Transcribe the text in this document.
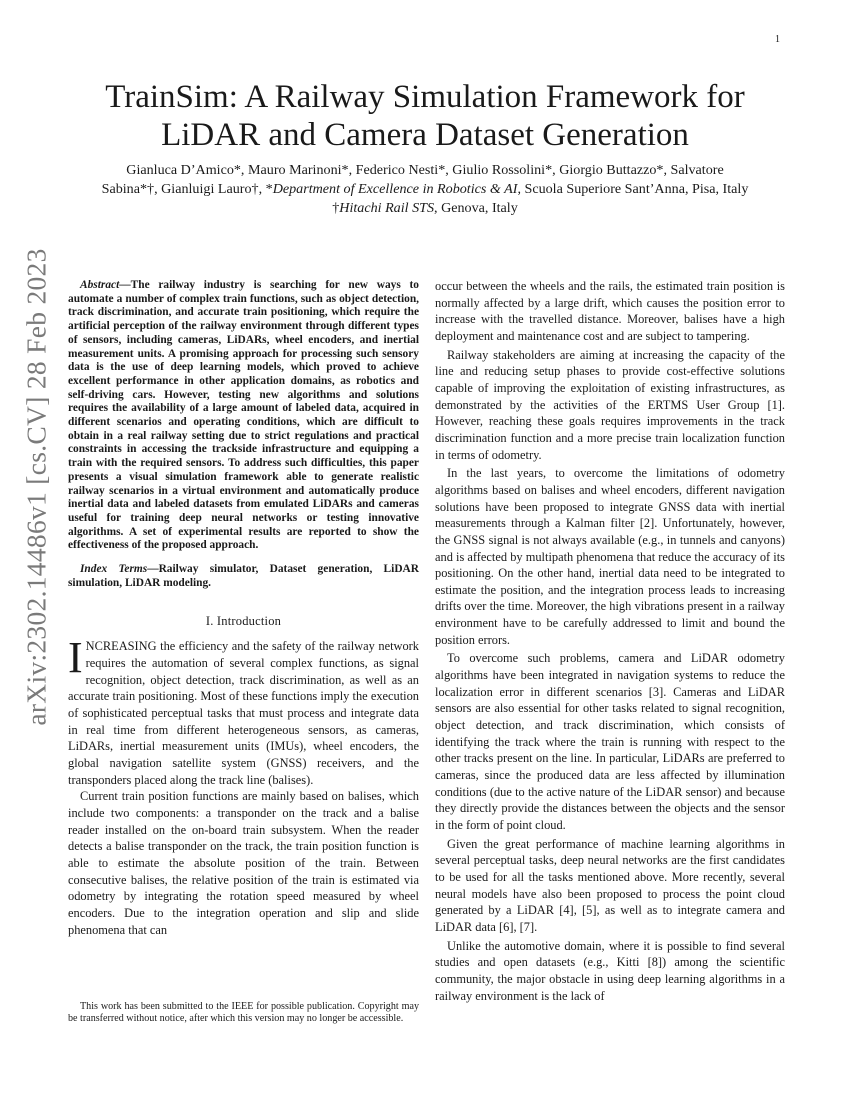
1
arXiv:2302.14486v1 [cs.CV] 28 Feb 2023
TrainSim: A Railway Simulation Framework for
LiDAR and Camera Dataset Generation
Gianluca D’Amico*, Mauro Marinoni*, Federico Nesti*, Giulio Rossolini*, Giorgio Buttazzo*, Salvatore
Sabina*†, Gianluigi Lauro†, *Department of Excellence in Robotics & AI, Scuola Superiore Sant’Anna, Pisa, Italy
†Hitachi Rail STS, Genova, Italy

Abstract—The railway industry is searching for new ways to automate a number of complex train functions, such as object detection, track discrimination, and accurate train positioning, which require the artificial perception of the railway environment through different types of sensors, including cameras, LiDARs, wheel encoders, and inertial measurement units. A promising approach for processing such sensory data is the use of deep learning models, which proved to achieve excellent performance in other application domains, as robotics and self-driving cars. However, testing new algorithms and solutions requires the availability of a large amount of labeled data, acquired in different scenarios and operating conditions, which are difficult to obtain in a real railway setting due to strict regulations and practical constraints in accessing the trackside infrastructure and equipping a train with the required sensors. To address such difficulties, this paper presents a visual simulation framework able to generate realistic railway scenarios in a virtual environment and automatically produce inertial data and labeled datasets from emulated LiDARs and cameras useful for training deep neural networks or testing innovative algorithms. A set of experimental results are reported to show the effectiveness of the proposed approach.

Index Terms—Railway simulator, Dataset generation, LiDAR simulation, LiDAR modeling.

I. Introduction

INCREASING the efficiency and the safety of the railway network requires the automation of several complex functions, as signal recognition, object detection, track discrimination, as well as an accurate train positioning. Most of these functions imply the execution of sophisticated perceptual tasks that must process and integrate data in real time from different heterogeneous sensors, as cameras, LiDARs, inertial measurement units (IMUs), wheel encoders, the global navigation satellite system (GNSS) receivers, and the transponders placed along the track line (balises).

Current train position functions are mainly based on balises, which include two components: a transponder on the track and a balise reader installed on the on-board train subsystem. When the reader detects a balise transponder on the track, the train position function is able to estimate the absolute position of the train. Between consecutive balises, the relative position of the train is estimated via odometry by integrating the rotation speed measured by wheel encoders. Due to the integration operation and slip and slide phenomena that can

occur between the wheels and the rails, the estimated train position is normally affected by a large drift, which causes the position error to increase with the travelled distance. Moreover, balises have a high deployment and maintenance cost and are subject to tampering.

Railway stakeholders are aiming at increasing the capacity of the line and reducing setup phases to provide cost-effective solutions capable of improving the exploitation of existing infrastructures, as demonstrated by the activities of the ERTMS User Group [1]. However, reaching these goals requires improvements in the track discrimination function and a more precise train localization function in terms of odometry.

In the last years, to overcome the limitations of odometry algorithms based on balises and wheel encoders, different navigation solutions have been proposed to integrate GNSS data with inertial measurements through a Kalman filter [2]. Unfortunately, however, the GNSS signal is not always available (e.g., in tunnels and canyons) and is affected by multipath phenomena that reduce the accuracy of its positioning. On the other hand, inertial data need to be integrated to estimate the position, and the integration process leads to increasing drifts over the time. Moreover, the high vibrations present in a railway environment have to be carefully addressed to limit and bound the position errors.

To overcome such problems, camera and LiDAR odometry algorithms have been integrated in navigation systems to reduce the localization error in different scenarios [3]. Cameras and LiDAR sensors are also essential for other tasks related to signal recognition, object detection, and track discrimination, which consists of identifying the track where the train is running with respect to the other tracks present on the line. In particular, LiDARs are preferred to cameras, since the produced data are less affected by illumination conditions (due to the active nature of the LiDAR sensor) and because they directly provide the distances between the objects and the sensor in the form of point cloud.

Given the great performance of machine learning algorithms in several perceptual tasks, deep neural networks are the first candidates to be used for all the tasks mentioned above. More recently, several neural models have also been proposed to process the point cloud generated by a LiDAR [4], [5], as well as to integrate camera and LiDAR data [6], [7].

Unlike the automotive domain, where it is possible to find several studies and open datasets (e.g., Kitti [8]) among the scientific community, the major obstacle in using deep learning algorithms in a railway environment is the lack of

This work has been submitted to the IEEE for possible publication. Copyright may be transferred without notice, after which this version may no longer be accessible.
